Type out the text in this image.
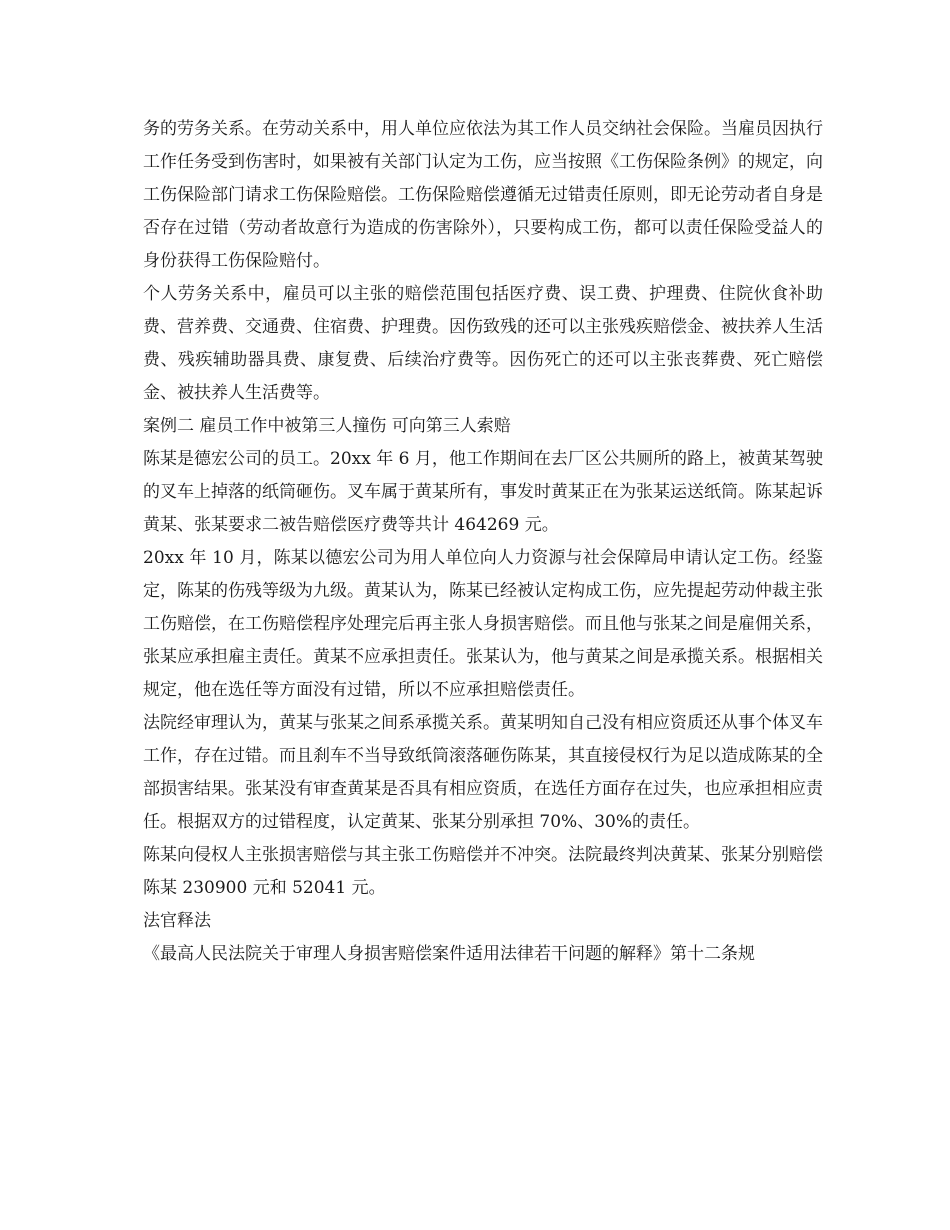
务的劳务关系。在劳动关系中，用人单位应依法为其工作人员交纳社会保险。当雇员因执行工作任务受到伤害时，如果被有关部门认定为工伤，应当按照《工伤保险条例》的规定，向工伤保险部门请求工伤保险赔偿。工伤保险赔偿遵循无过错责任原则，即无论劳动者自身是否存在过错（劳动者故意行为造成的伤害除外），只要构成工伤，都可以责任保险受益人的身份获得工伤保险赔付。

个人劳务关系中，雇员可以主张的赔偿范围包括医疗费、误工费、护理费、住院伙食补助费、营养费、交通费、住宿费、护理费。因伤致残的还可以主张残疾赔偿金、被扶养人生活费、残疾辅助器具费、康复费、后续治疗费等。因伤死亡的还可以主张丧葬费、死亡赔偿金、被扶养人生活费等。

案例二 雇员工作中被第三人撞伤 可向第三人索赔

陈某是德宏公司的员工。20xx 年 6 月，他工作期间在去厂区公共厕所的路上，被黄某驾驶的叉车上掉落的纸筒砸伤。叉车属于黄某所有，事发时黄某正在为张某运送纸筒。陈某起诉黄某、张某要求二被告赔偿医疗费等共计 464269 元。

20xx 年 10 月，陈某以德宏公司为用人单位向人力资源与社会保障局申请认定工伤。经鉴定，陈某的伤残等级为九级。黄某认为，陈某已经被认定构成工伤，应先提起劳动仲裁主张工伤赔偿，在工伤赔偿程序处理完后再主张人身损害赔偿。而且他与张某之间是雇佣关系，张某应承担雇主责任。黄某不应承担责任。张某认为，他与黄某之间是承揽关系。根据相关规定，他在选任等方面没有过错，所以不应承担赔偿责任。

法院经审理认为，黄某与张某之间系承揽关系。黄某明知自己没有相应资质还从事个体叉车工作，存在过错。而且刹车不当导致纸筒滚落砸伤陈某，其直接侵权行为足以造成陈某的全部损害结果。张某没有审查黄某是否具有相应资质，在选任方面存在过失，也应承担相应责任。根据双方的过错程度，认定黄某、张某分别承担 70%、30%的责任。

陈某向侵权人主张损害赔偿与其主张工伤赔偿并不冲突。法院最终判决黄某、张某分别赔偿陈某 230900 元和 52041 元。

法官释法

《最高人民法院关于审理人身损害赔偿案件适用法律若干问题的解释》第十二条规
